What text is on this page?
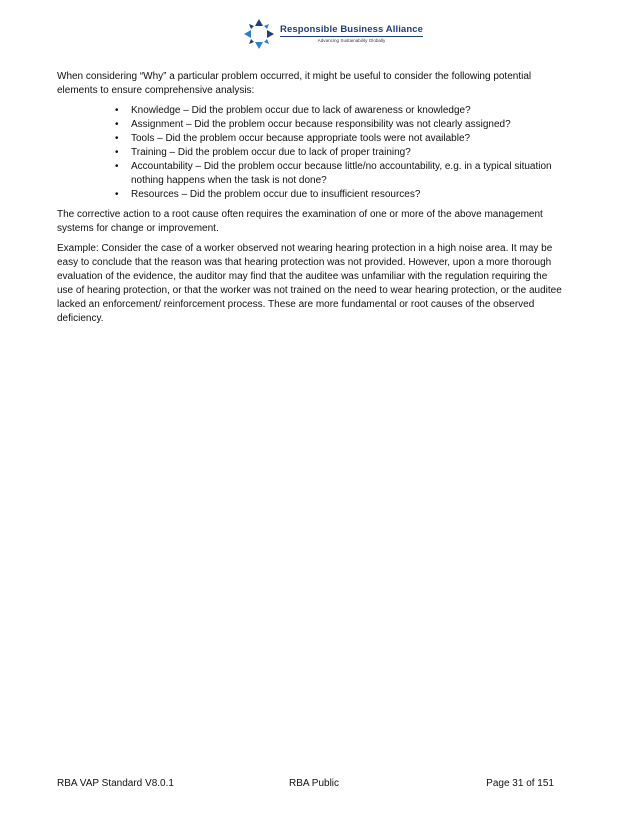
Responsible Business Alliance
Advancing Sustainability Globally

When considering “Why” a particular problem occurred, it might be useful to consider the following potential elements to ensure comprehensive analysis:

• Knowledge – Did the problem occur due to lack of awareness or knowledge?
• Assignment – Did the problem occur because responsibility was not clearly assigned?
• Tools – Did the problem occur because appropriate tools were not available?
• Training – Did the problem occur due to lack of proper training?
• Accountability – Did the problem occur because little/no accountability, e.g. in a typical situation nothing happens when the task is not done?
• Resources – Did the problem occur due to insufficient resources?

The corrective action to a root cause often requires the examination of one or more of the above management systems for change or improvement.

Example: Consider the case of a worker observed not wearing hearing protection in a high noise area. It may be easy to conclude that the reason was that hearing protection was not provided. However, upon a more thorough evaluation of the evidence, the auditor may find that the auditee was unfamiliar with the regulation requiring the use of hearing protection, or that the worker was not trained on the need to wear hearing protection, or the auditee lacked an enforcement/ reinforcement process. These are more fundamental or root causes of the observed deficiency.

RBA VAP Standard V8.0.1	RBA Public	Page 31 of 151
